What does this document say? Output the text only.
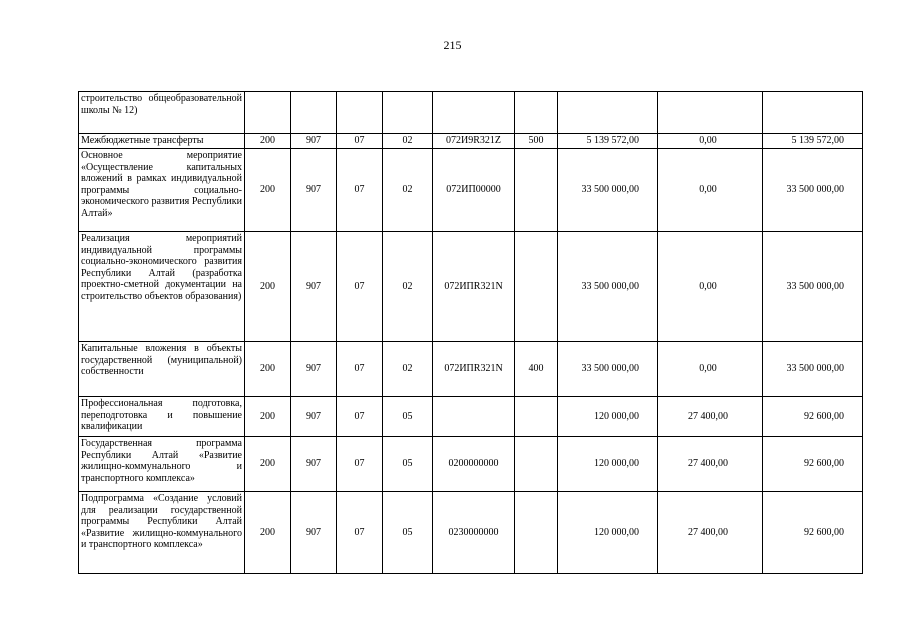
215
строительство общеобразовательной школы № 12)									
Межбюджетные трансферты	200	907	07	02	072И9R321Z	500	5 139 572,00	0,00	5 139 572,00
Основное мероприятие «Осуществление капитальных вложений в рамках индивидуальной программы социально-экономического развития Республики Алтай»	200	907	07	02	072ИП00000		33 500 000,00	0,00	33 500 000,00
Реализация мероприятий индивидуальной программы социально-экономического развития Республики Алтай (разработка проектно-сметной документации на строительство объектов образования)	200	907	07	02	072ИПR321N		33 500 000,00	0,00	33 500 000,00
Капитальные вложения в объекты государственной (муниципальной) собственности	200	907	07	02	072ИПR321N	400	33 500 000,00	0,00	33 500 000,00
Профессиональная подготовка, переподготовка и повышение квалификации	200	907	07	05			120 000,00	27 400,00	92 600,00
Государственная программа Республики Алтай «Развитие жилищно-коммунального и транспортного комплекса»	200	907	07	05	0200000000		120 000,00	27 400,00	92 600,00
Подпрограмма «Создание условий для реализации государственной программы Республики Алтай «Развитие жилищно-коммунального и транспортного комплекса»	200	907	07	05	0230000000		120 000,00	27 400,00	92 600,00
